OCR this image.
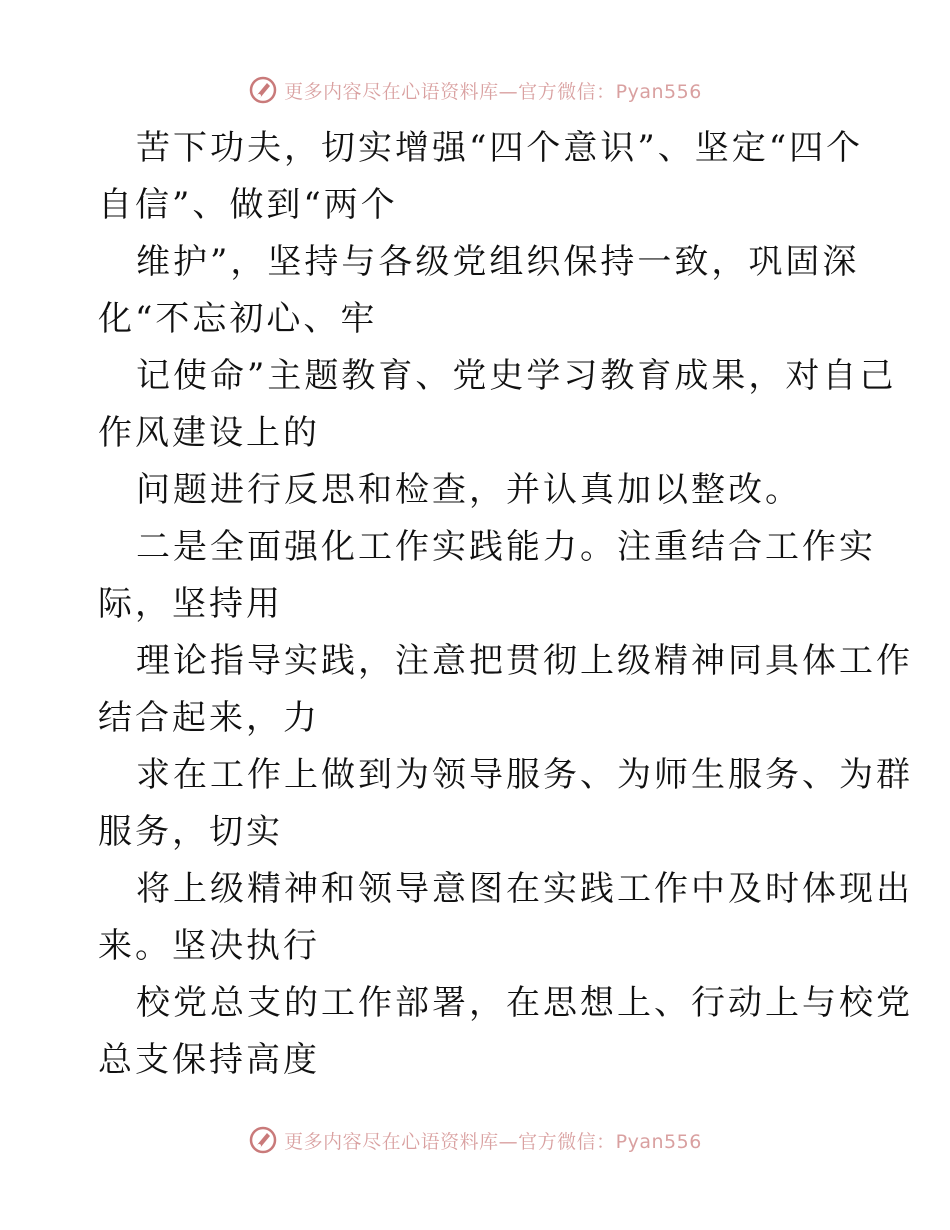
更多内容尽在心语资料库—官方微信：Pyan556
苦下功夫，切实增强“四个意识”、坚定“四个
自信”、做到“两个
维护”，坚持与各级党组织保持一致，巩固深
化“不忘初心、牢
记使命”主题教育、党史学习教育成果，对自己
作风建设上的
问题进行反思和检查，并认真加以整改。
二是全面强化工作实践能力。注重结合工作实
际，坚持用
理论指导实践，注意把贯彻上级精神同具体工作
结合起来，力
求在工作上做到为领导服务、为师生服务、为群
服务，切实
将上级精神和领导意图在实践工作中及时体现出
来。坚决执行
校党总支的工作部署，在思想上、行动上与校党
总支保持高度
更多内容尽在心语资料库—官方微信：Pyan556
